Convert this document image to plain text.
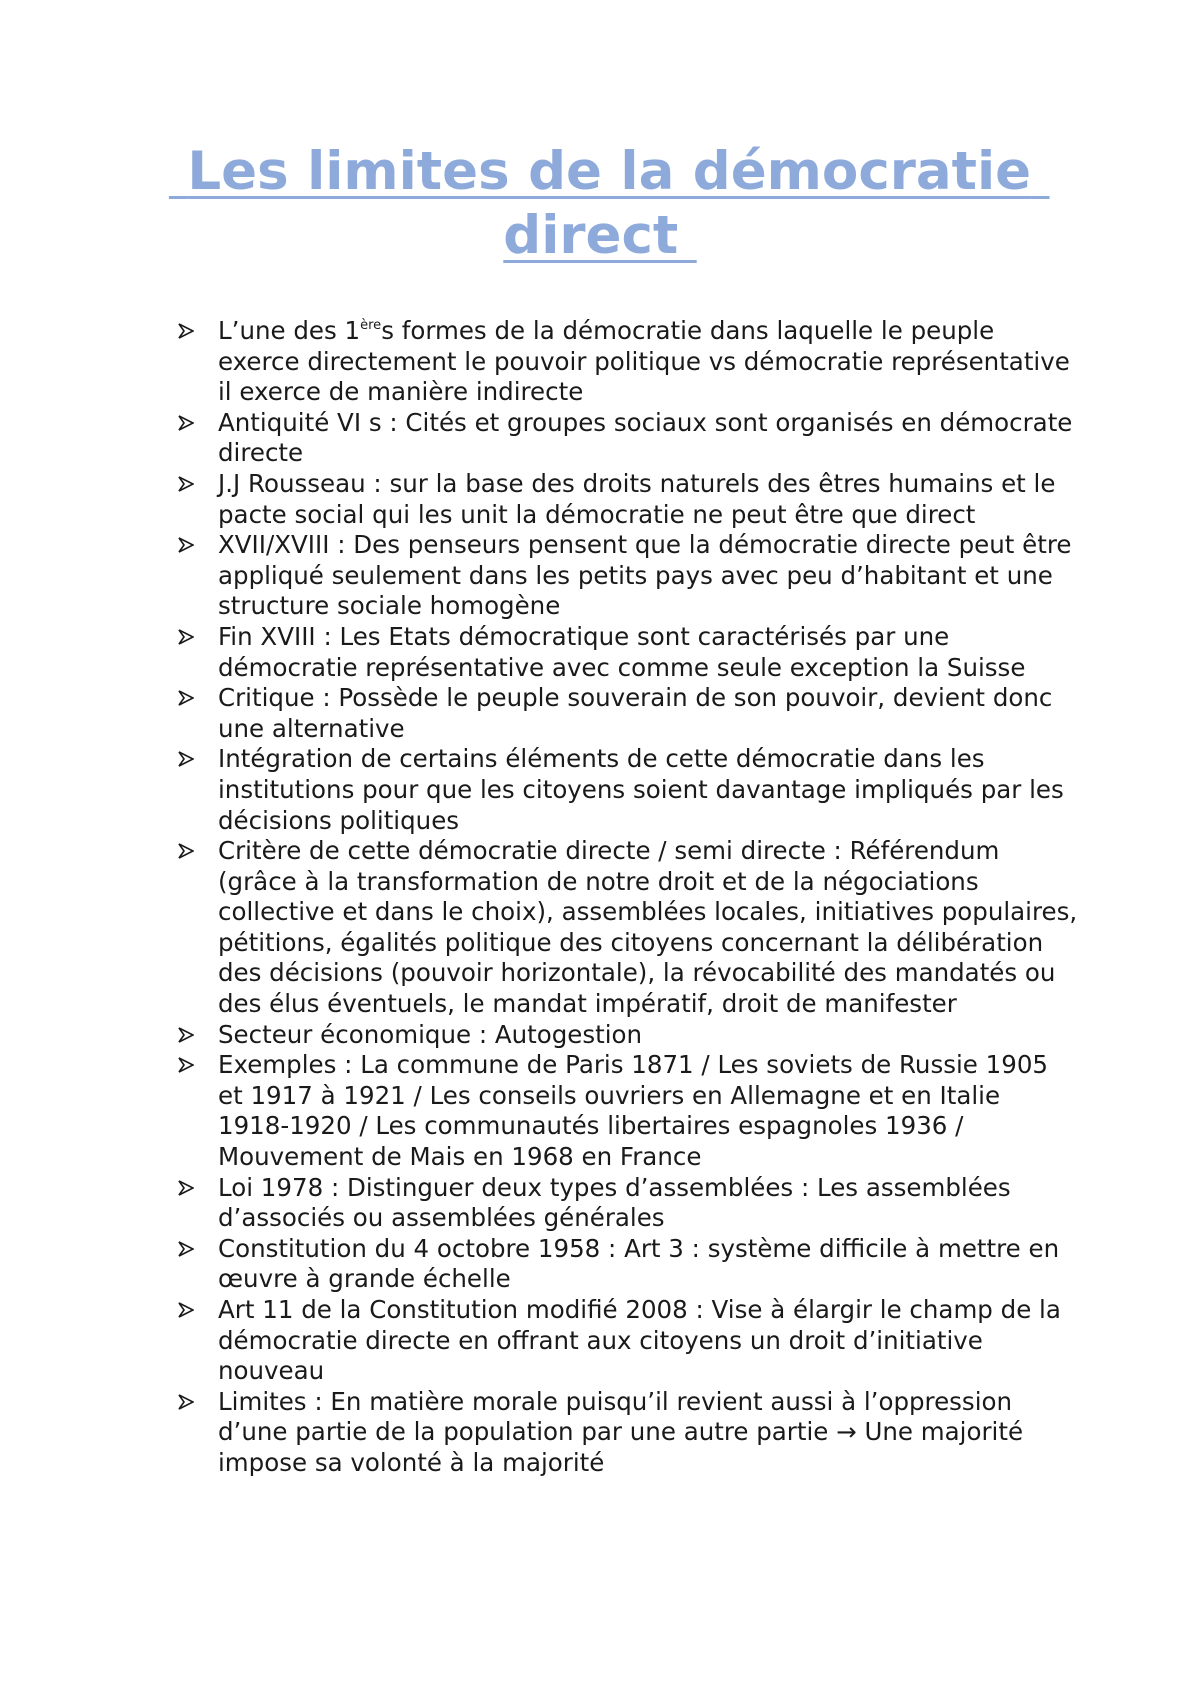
Les limites de la démocratie direct
L’une des 1ères formes de la démocratie dans laquelle le peuple exerce directement le pouvoir politique vs démocratie représentative il exerce de manière indirecte
Antiquité VI s : Cités et groupes sociaux sont organisés en démocrate directe
J.J Rousseau : sur la base des droits naturels des êtres humains et le pacte social qui les unit la démocratie ne peut être que direct
XVII/XVIII : Des penseurs pensent que la démocratie directe peut être appliqué seulement dans les petits pays avec peu d’habitant et une structure sociale homogène
Fin XVIII : Les Etats démocratique sont caractérisés par une démocratie représentative avec comme seule exception la Suisse
Critique : Possède le peuple souverain de son pouvoir, devient donc une alternative
Intégration de certains éléments de cette démocratie dans les institutions pour que les citoyens soient davantage impliqués par les décisions politiques
Critère de cette démocratie directe / semi directe : Référendum (grâce à la transformation de notre droit et de la négociations collective et dans le choix), assemblées locales, initiatives populaires, pétitions, égalités politique des citoyens concernant la délibération des décisions (pouvoir horizontale), la révocabilité des mandatés ou des élus éventuels, le mandat impératif, droit de manifester
Secteur économique : Autogestion
Exemples : La commune de Paris 1871 / Les soviets de Russie 1905 et 1917 à 1921 / Les conseils ouvriers en Allemagne et en Italie 1918-1920 / Les communautés libertaires espagnoles 1936 / Mouvement de Mais en 1968 en France
Loi 1978 : Distinguer deux types d’assemblées : Les assemblées d’associés ou assemblées générales
Constitution du 4 octobre 1958 : Art 3 : système difficile à mettre en œuvre à grande échelle
Art 11 de la Constitution modifié 2008 : Vise à élargir le champ de la démocratie directe en offrant aux citoyens un droit d’initiative nouveau
Limites : En matière morale puisqu’il revient aussi à l’oppression d’une partie de la population par une autre partie → Une majorité impose sa volonté à la majorité
